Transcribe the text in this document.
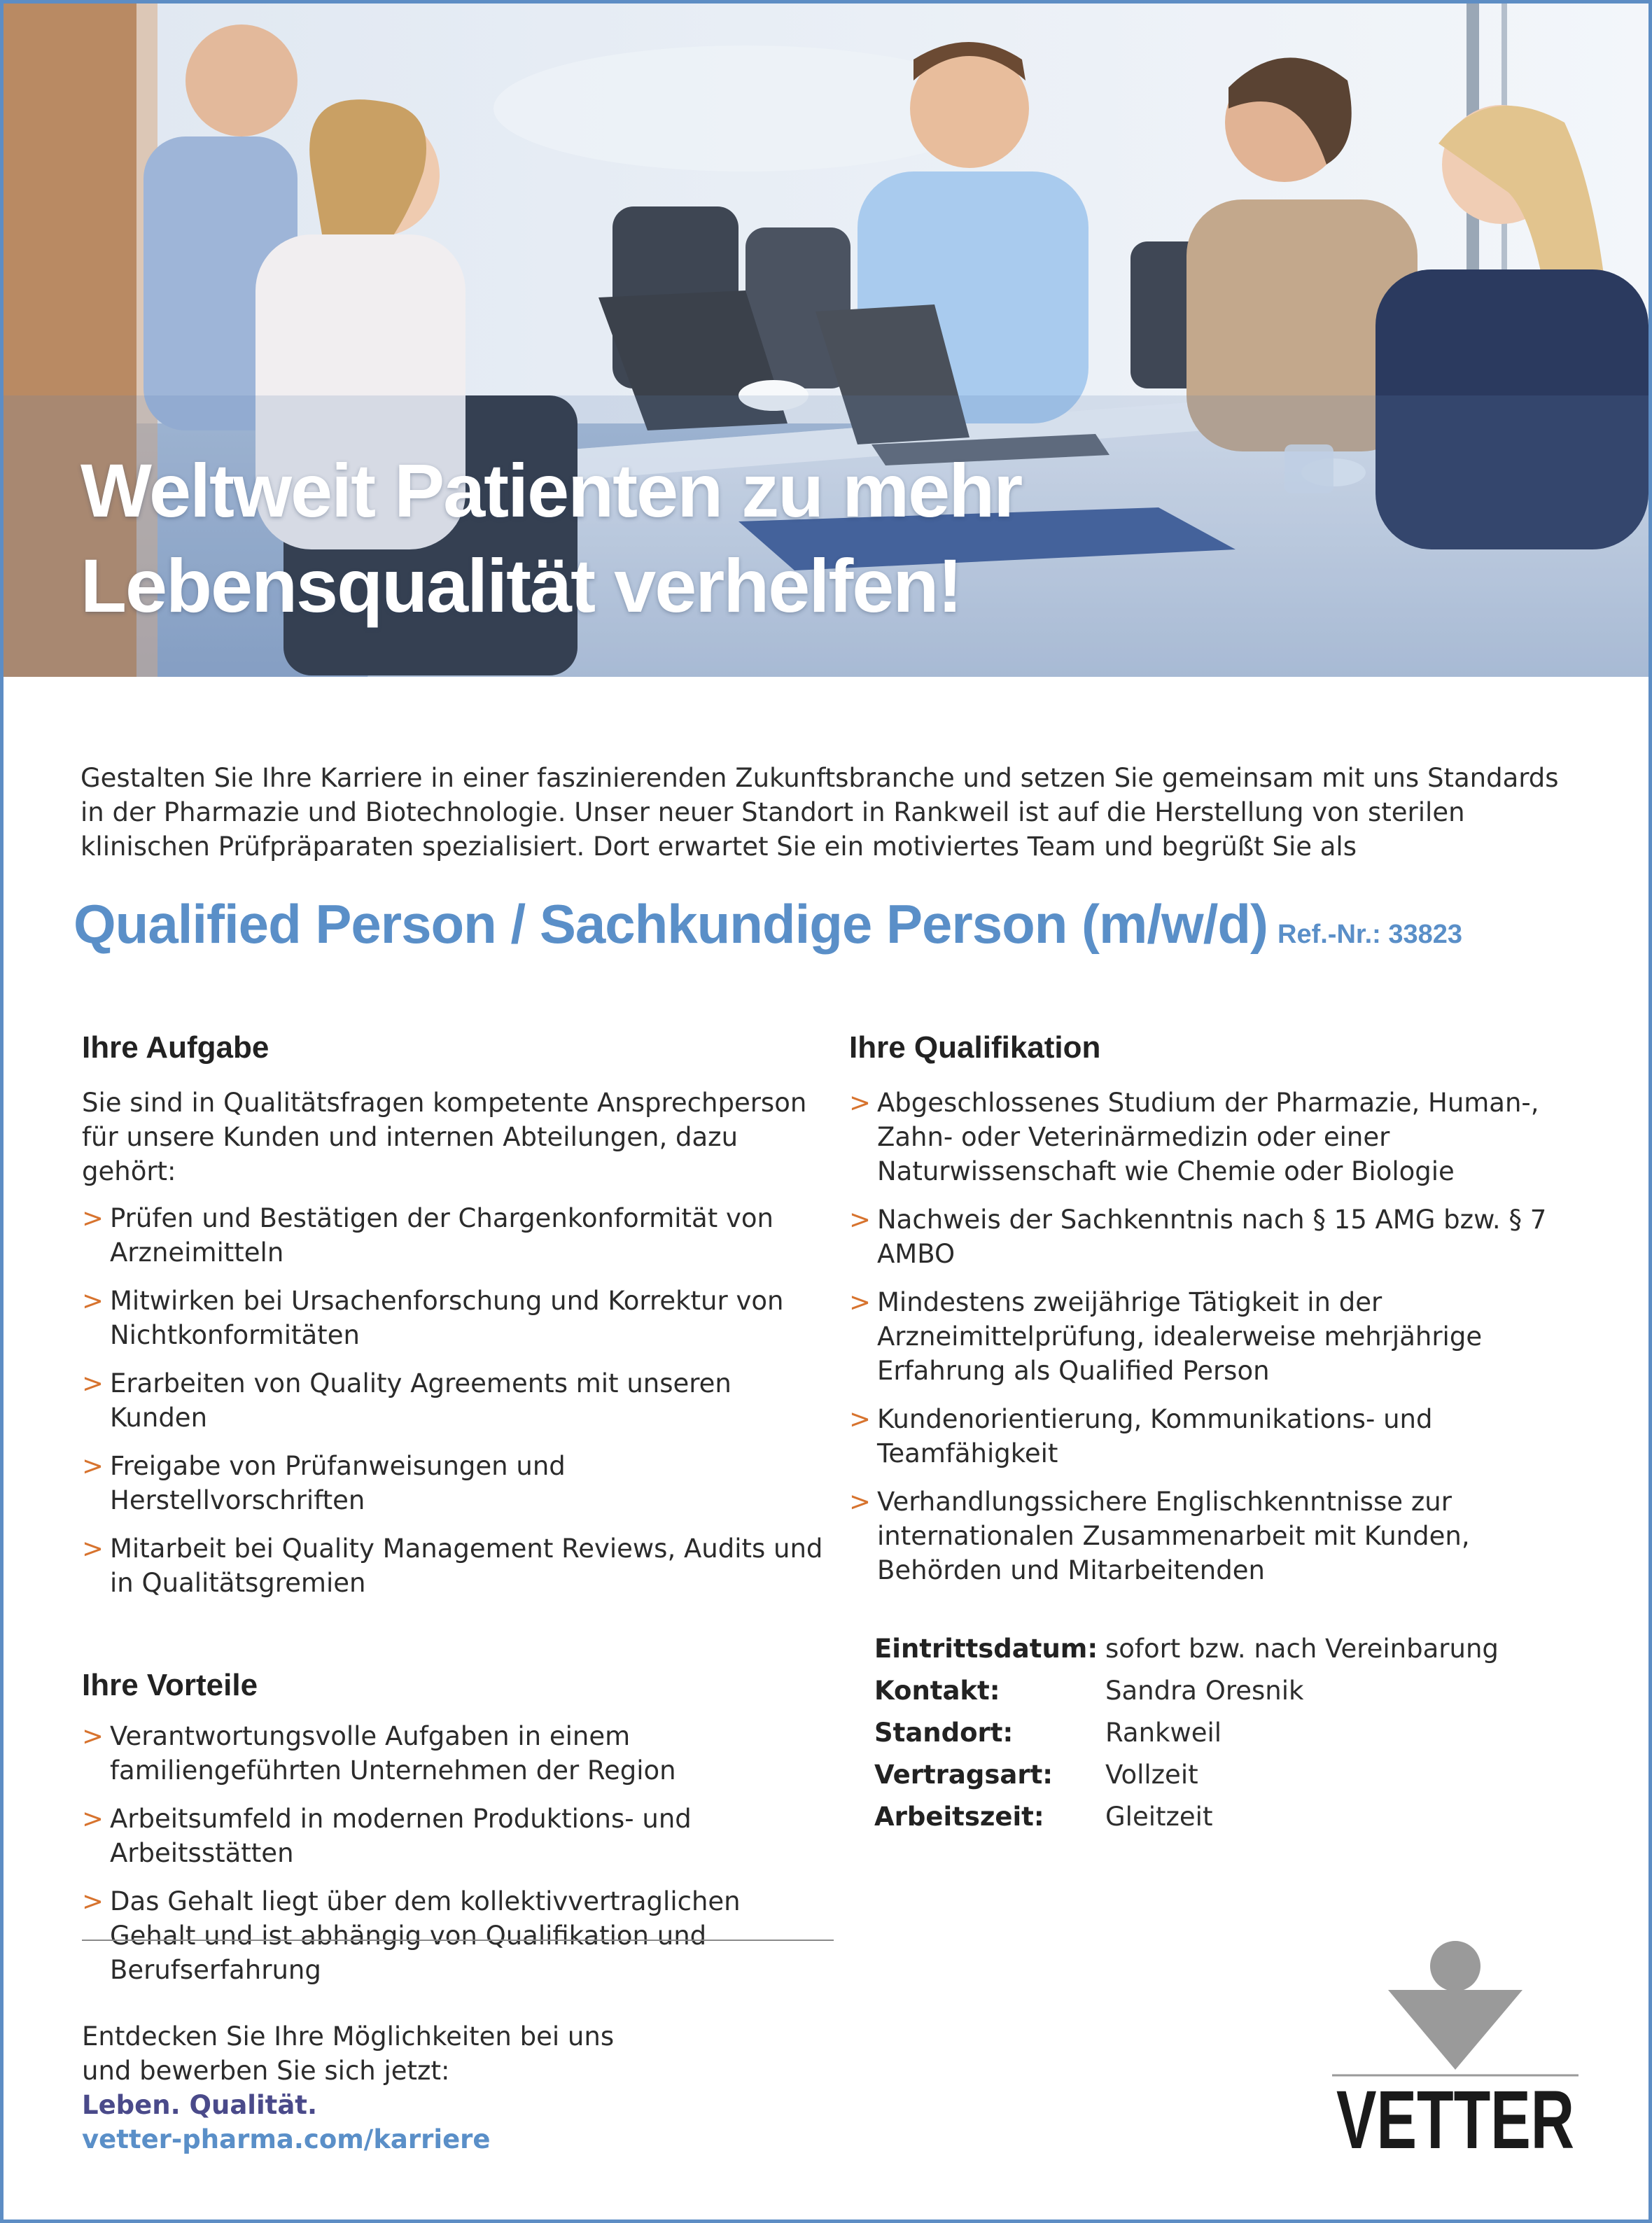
Weltweit Patienten zu mehr
Lebensqualität verhelfen!

Gestalten Sie Ihre Karriere in einer faszinierenden Zukunftsbranche und setzen Sie gemeinsam mit uns Standards in der Pharmazie und Biotechnologie. Unser neuer Standort in Rankweil ist auf die Herstellung von sterilen klinischen Prüfpräparaten spezialisiert. Dort erwartet Sie ein motiviertes Team und begrüßt Sie als

Qualified Person / Sachkundige Person (m/w/d) Ref.-Nr.: 33823
Ihre Aufgabe

Sie sind in Qualitätsfragen kompetente Ansprechperson für unsere Kunden und internen Abteilungen, dazu gehört:

> Prüfen und Bestätigen der Chargenkonformität von Arzneimitteln
> Mitwirken bei Ursachenforschung und Korrektur von Nichtkonformitäten
> Erarbeiten von Quality Agreements mit unseren Kunden
> Freigabe von Prüfanweisungen und Herstellvorschriften
> Mitarbeit bei Quality Management Reviews, Audits und in Qualitätsgremien
Ihre Vorteile
> Verantwortungsvolle Aufgaben in einem familiengeführten Unternehmen der Region
> Arbeitsumfeld in modernen Produktions- und Arbeitsstätten
> Das Gehalt liegt über dem kollektivvertraglichen Gehalt und ist abhängig von Qualifikation und Berufserfahrung
Ihre Qualifikation
> Abgeschlossenes Studium der Pharmazie, Human-, Zahn- oder Veterinärmedizin oder einer Naturwissenschaft wie Chemie oder Biologie
> Nachweis der Sachkenntnis nach § 15 AMG bzw. § 7 AMBO
> Mindestens zweijährige Tätigkeit in der Arzneimittelprüfung, idealerweise mehrjährige Erfahrung als Qualified Person
> Kundenorientierung, Kommunikations- und Teamfähigkeit
> Verhandlungssichere Englischkenntnisse zur internationalen Zusammenarbeit mit Kunden, Behörden und Mitarbeitenden
Eintrittsdatum: sofort bzw. nach Vereinbarung
Kontakt:	Sandra Oresnik
Standort:	Rankweil
Vertragsart: Vollzeit
Arbeitszeit: Gleitzeit
Entdecken Sie Ihre Möglichkeiten bei uns
und bewerben Sie sich jetzt:
Leben. Qualität.
vetter-pharma.com/karriere	VETTER
